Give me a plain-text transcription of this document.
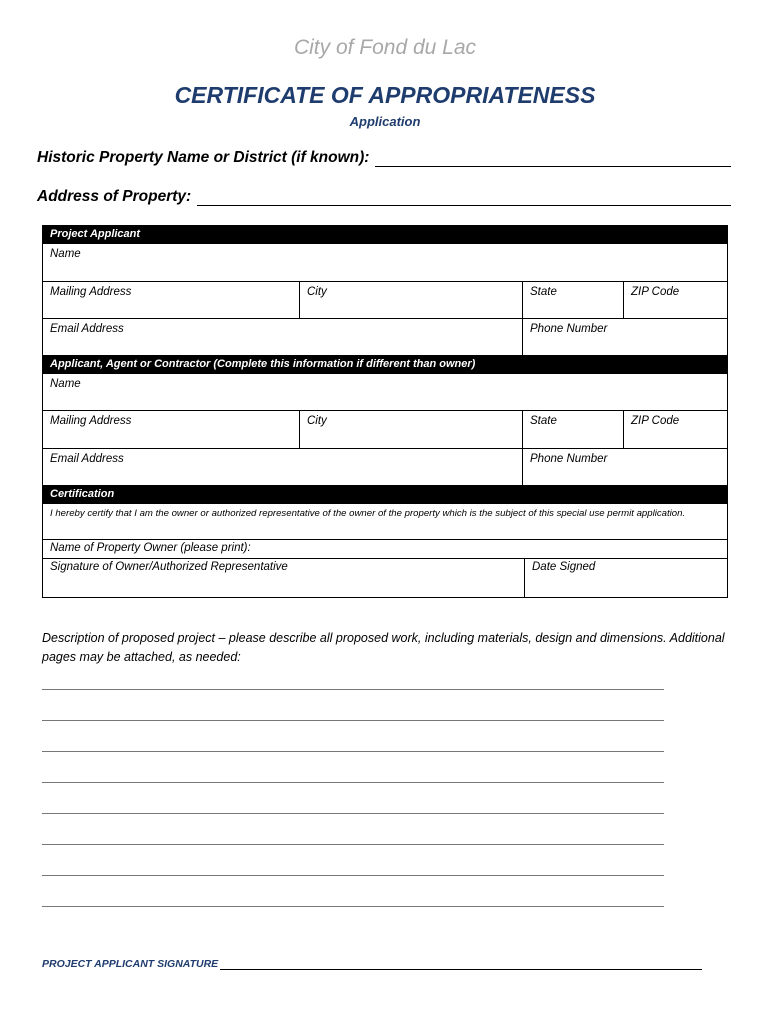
City of Fond du Lac
CERTIFICATE OF APPROPRIATENESS
Application
Historic Property Name or District (if known):
Address of Property:
Project Applicant
Name
Mailing Address	City	State	ZIP Code
Email Address	Phone Number
Applicant, Agent or Contractor (Complete this information if different than owner)
Name
Mailing Address	City	State	ZIP Code
Email Address	Phone Number
Certification
I hereby certify that I am the owner or authorized representative of the owner of the property which is the subject of this special use permit application.
Name of Property Owner (please print):
Signature of Owner/Authorized Representative	Date Signed
Description of proposed project – please describe all proposed work, including materials, design and dimensions. Additional pages may be attached, as needed:
PROJECT APPLICANT SIGNATURE
